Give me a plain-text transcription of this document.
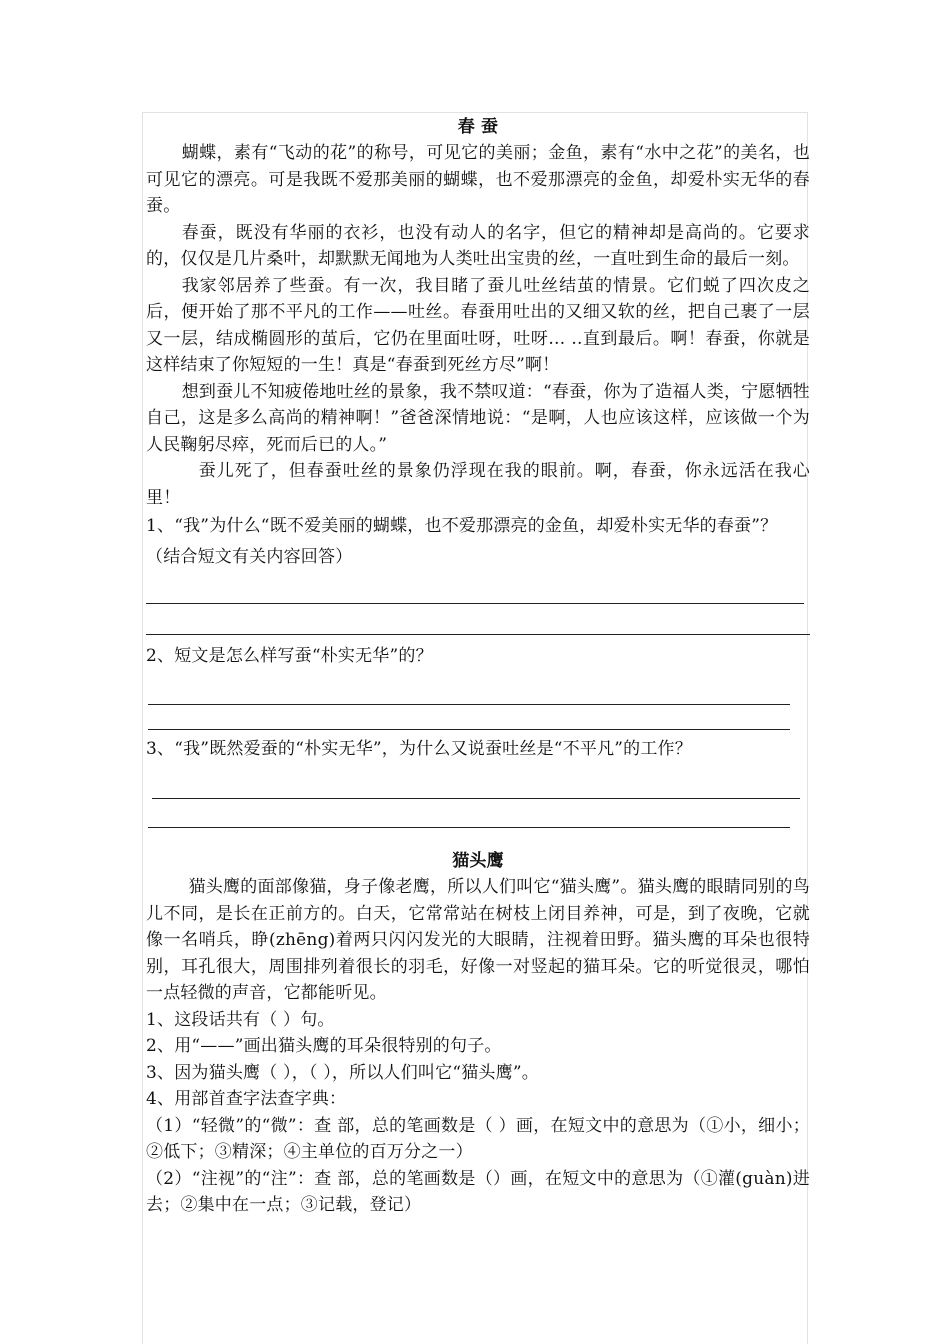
春 蚕

蝴蝶，素有“飞动的花”的称号，可见它的美丽；金鱼，素有“水中之花”的美名，也可见它的漂亮。可是我既不爱那美丽的蝴蝶，也不爱那漂亮的金鱼，却爱朴实无华的春蚕。

春蚕，既没有华丽的衣衫，也没有动人的名字，但它的精神却是高尚的。它要求的，仅仅是几片桑叶，却默默无闻地为人类吐出宝贵的丝，一直吐到生命的最后一刻。

我家邻居养了些蚕。有一次，我目睹了蚕儿吐丝结茧的情景。它们蜕了四次皮之后，便开始了那不平凡的工作——吐丝。春蚕用吐出的又细又软的丝，把自己裹了一层又一层，结成椭圆形的茧后，它仍在里面吐呀，吐呀… ..直到最后。啊！春蚕，你就是这样结束了你短短的一生！真是“春蚕到死丝方尽”啊！

想到蚕儿不知疲倦地吐丝的景象，我不禁叹道：“春蚕，你为了造福人类，宁愿牺牲自己，这是多么高尚的精神啊！”爸爸深情地说：“是啊，人也应该这样，应该做一个为人民鞠躬尽瘁，死而后已的人。”

蚕儿死了，但春蚕吐丝的景象仍浮现在我的眼前。啊，春蚕，你永远活在我心里！

1、“我”为什么“既不爱美丽的蝴蝶，也不爱那漂亮的金鱼，却爱朴实无华的春蚕”？（结合短文有关内容回答）

2、短文是怎么样写蚕“朴实无华”的？

3、“我”既然爱蚕的“朴实无华”，为什么又说蚕吐丝是“不平凡”的工作？

猫头鹰

猫头鹰的面部像猫，身子像老鹰，所以人们叫它“猫头鹰”。猫头鹰的眼睛同别的鸟儿不同，是长在正前方的。白天，它常常站在树枝上闭目养神，可是，到了夜晚，它就像一名哨兵，睁(zhēng)着两只闪闪发光的大眼睛，注视着田野。猫头鹰的耳朵也很特别，耳孔很大，周围排列着很长的羽毛，好像一对竖起的猫耳朵。它的听觉很灵，哪怕一点轻微的声音，它都能听见。

1、这段话共有（ ）句。

2、用“——”画出猫头鹰的耳朵很特别的句子。

3、因为猫头鹰（ ），（ ），所以人们叫它“猫头鹰”。

4、用部首查字法查字典：

（1）“轻微”的“微”：查 部，总的笔画数是（ ）画，在短文中的意思为（①小，细小；②低下；③精深；④主单位的百万分之一）

（2）“注视”的“注”：查 部，总的笔画数是（）画，在短文中的意思为（①灌(guàn)进去；②集中在一点；③记载，登记）
